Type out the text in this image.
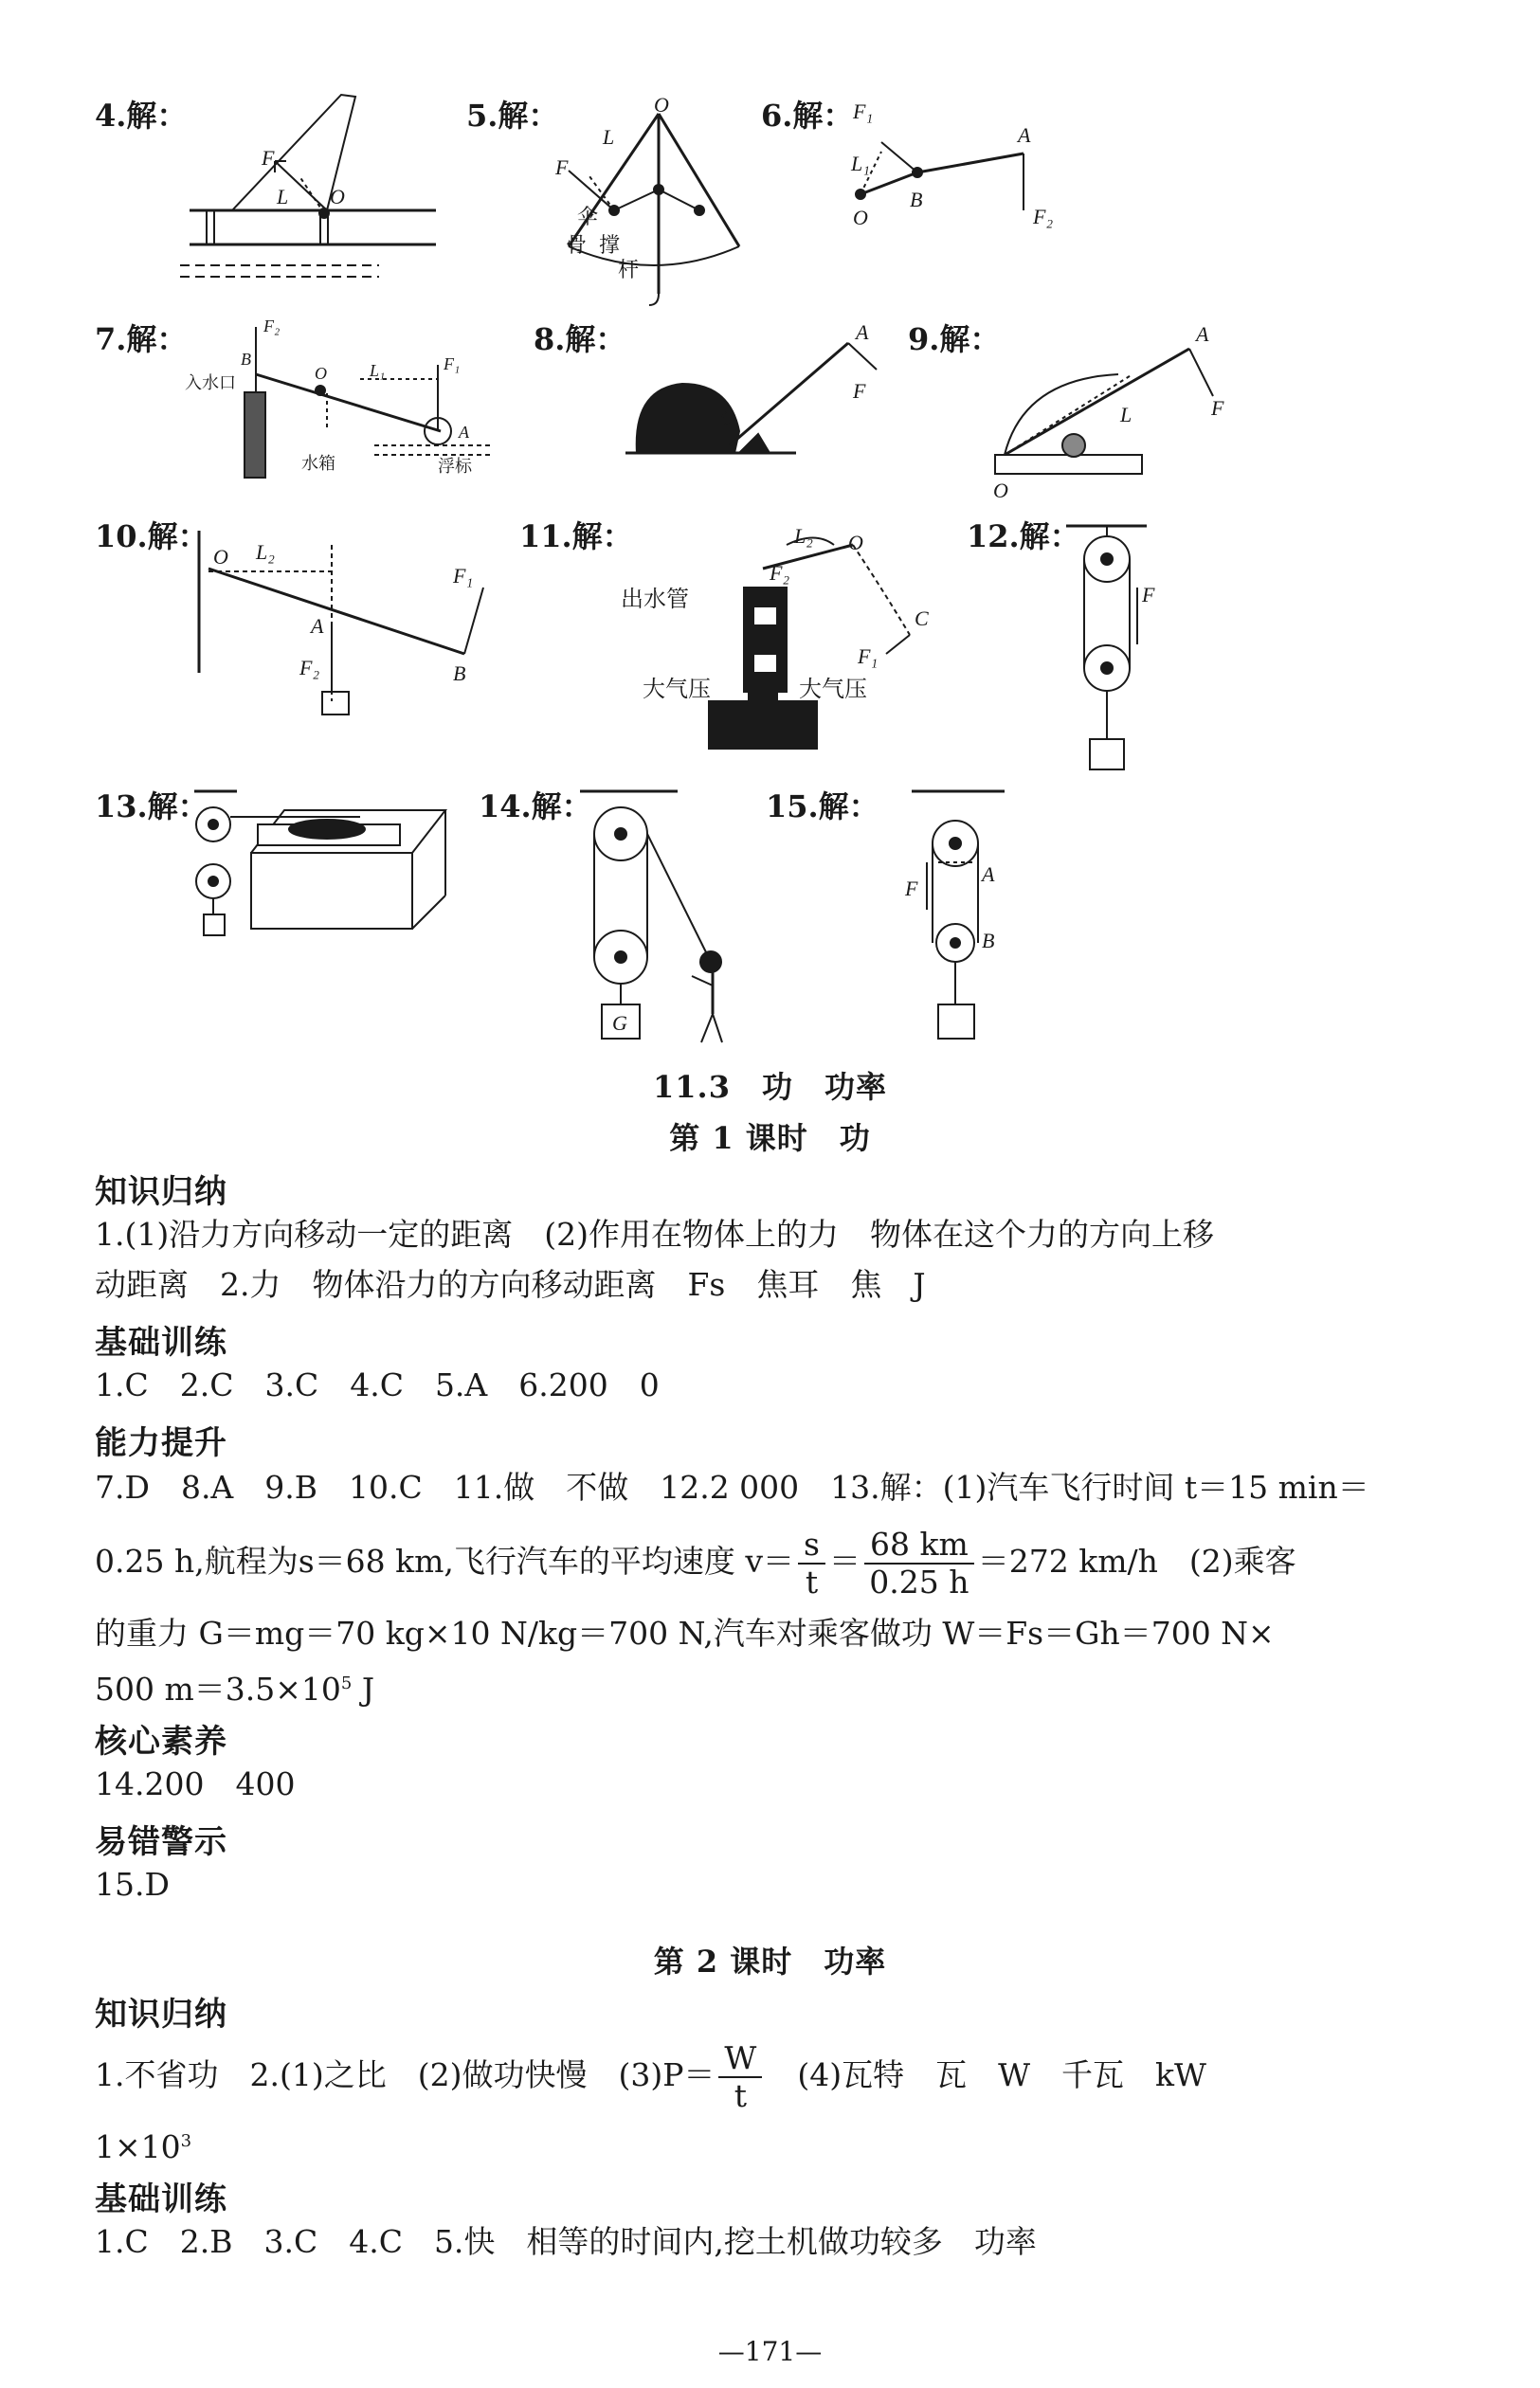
4.解：	5.解：	6.解：
7.解：	8.解：	9.解：
10.解：	11.解：	12.解：
13.解：	14.解：	15.解：
F
L O
O
L
F
伞
骨 撑
杆
F₁
L₁
A
B
O	F₂
F₂
B
入水口	O	L₁	F₁
A
水箱	浮标
A
F
O
A
F
L
O
O L₂
F₁
A
F₂	B
L₂ O
出水管
F₂
A
B
C
F₁
大气压	大气压
F
G
F
A
B
11.3　功　功率
第 1 课时　功
知识归纳
1.(1)沿力方向移动一定的距离　(2)作用在物体上的力　物体在这个力的方向上移
动距离　2.力　物体沿力的方向移动距离　Fs　焦耳　焦　J
基础训练
1.C　2.C　3.C　4.C　5.A　6.200　0
能力提升
7.D　8.A　9.B　10.C　11.做　不做　12.2 000　13.解：(1)汽车飞行时间 t＝15 min＝
0.25 h,航程为s＝68 km,飞行汽车的平均速度 $v= \frac{s}{t} = \frac{68 km}{0.25 h} =272$ km/h　(2)乘客
的重力 G＝mg＝70 kg×10 N/kg＝700 N,汽车对乘客做功 W＝Fs＝Gh＝700 N×
500 $m=3.5\times 10^5$ J
核心素养
14.200　400
易错警示
15.D
第 2 课时　功率
知识归纳
1.不省功　2.(1)之比　(2)做功快慢　$(3)P= \frac{W}{t}$ 　(4)瓦特　瓦　W　千瓦　kW
$1\times 10^3$
基础训练
1.C　2.B　3.C　4.C　5.快　相等的时间内,挖土机做功较多　功率
—171—
